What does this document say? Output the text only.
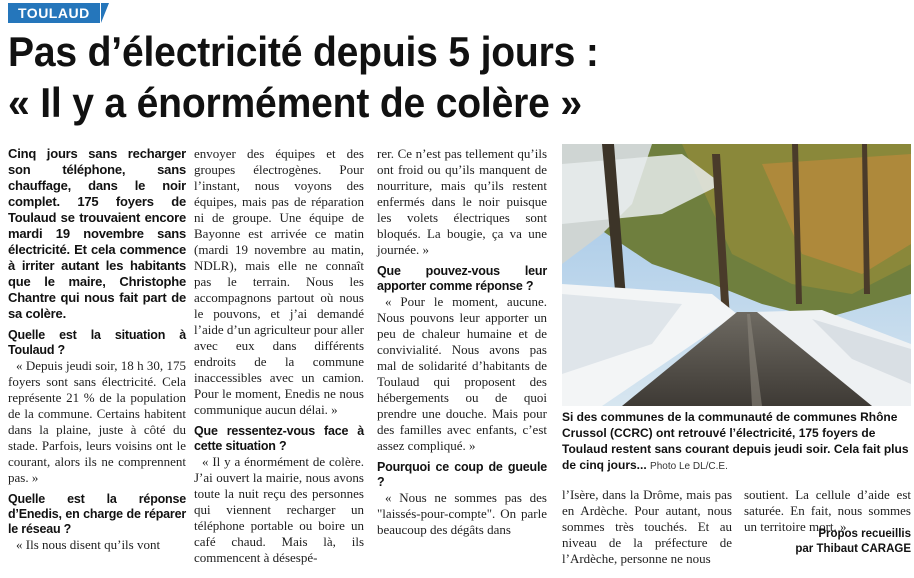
TOULAUD
Pas d’électricité depuis 5 jours :
« Il y a énormément de colère »

Cinq jours sans recharger son téléphone, sans chauffage, dans le noir complet. 175 foyers de Toulaud se trouvaient encore mardi 19 novembre sans électricité. Et cela commence à irriter autant les habitants que le maire, Christophe Chantre qui nous fait part de sa colère.

Quelle est la situation à Toulaud ?

« Depuis jeudi soir, 18 h 30, 175 foyers sont sans électricité. Cela représente 21 % de la population de la commune. Certains habitent dans la plaine, juste à côté du stade. Parfois, leurs voisins ont le courant, alors ils ne comprennent pas. »

Quelle est la réponse d’Enedis, en charge de réparer le réseau ?

« Ils nous disent qu’ils vont

envoyer des équipes et des groupes électrogènes. Pour l’instant, nous voyons des équipes, mais pas de réparation ni de groupe. Une équipe de Bayonne est arrivée ce matin (mardi 19 novembre au matin, NDLR), mais elle ne connaît pas le terrain. Nous les accompagnons partout où nous le pouvons, et j’ai demandé l’aide d’un agriculteur pour aller avec eux dans différents endroits de la commune inaccessibles avec un camion. Pour le moment, Enedis ne nous communique aucun délai. »

Que ressentez-vous face à cette situation ?

« Il y a énormément de colère. J’ai ouvert la mairie, nous avons toute la nuit reçu des personnes qui viennent recharger un téléphone portable ou boire un café chaud. Mais là, ils commencent à désespé-

rer. Ce n’est pas tellement qu’ils ont froid ou qu’ils manquent de nourriture, mais qu’ils restent enfermés dans le noir puisque les volets électriques sont bloqués. La bougie, ça va une journée. »

Que pouvez-vous leur apporter comme réponse ?

« Pour le moment, aucune. Nous pouvons leur apporter un peu de chaleur humaine et de convivialité. Nous avons pas mal de solidarité d’habitants de Toulaud qui proposent des hébergements ou de quoi prendre une douche. Mais pour des familles avec enfants, c’est assez compliqué. »

Pourquoi ce coup de gueule ?

« Nous ne sommes pas des "laissés-pour-compte". On parle beaucoup des dégâts dans

Si des communes de la communauté de communes Rhône Crussol (CCRC) ont retrouvé l’électricité, 175 foyers de Toulaud restent sans courant depuis jeudi soir. Cela fait plus de cinq jours... Photo Le DL/C.E.
l’Isère, dans la Drôme, mais pas en Ardèche. Pour autant, nous sommes très touchés. Et au niveau de la préfecture de l’Ardèche, personne ne nous
soutient. La cellule d’aide est saturée. En fait, nous sommes un territoire mort. »
Propos recueillis
par Thibaut CARAGE
